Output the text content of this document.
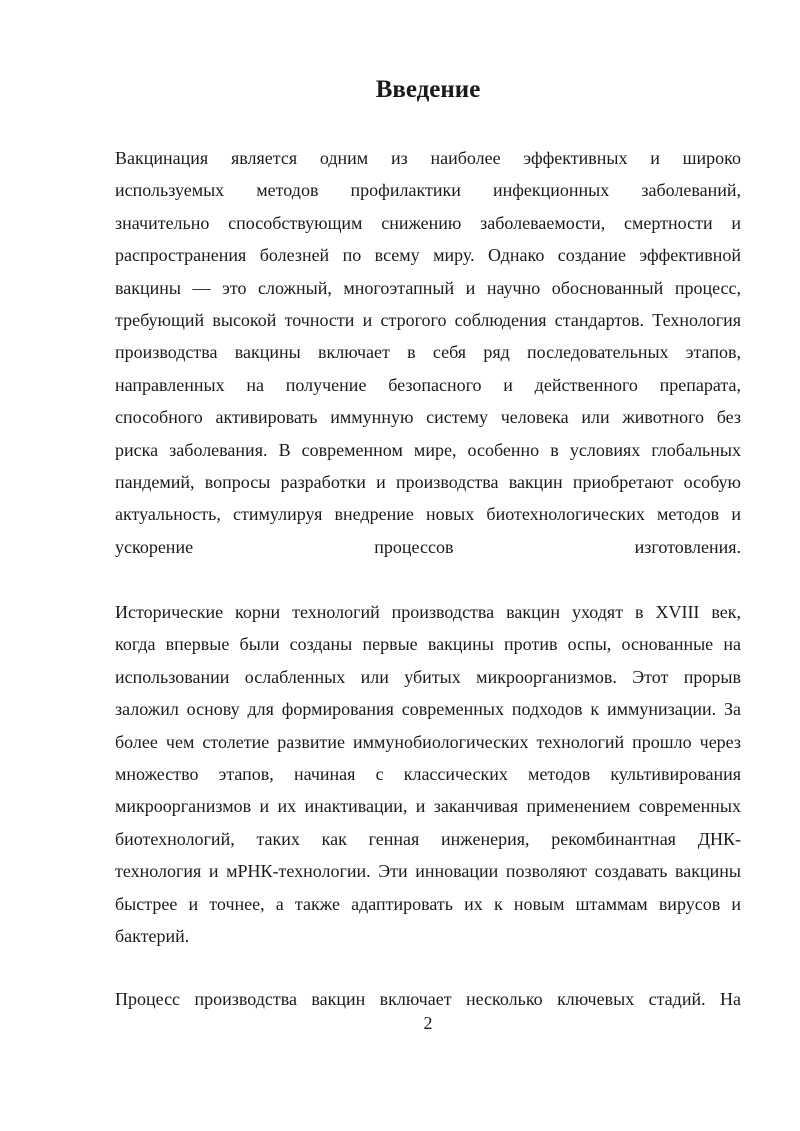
Введение
Вакцинация является одним из наиболее эффективных и широко
используемых методов профилактики инфекционных заболеваний,
значительно способствующим снижению заболеваемости, смертности и
распространения болезней по всему миру. Однако создание эффективной
вакцины — это сложный, многоэтапный и научно обоснованный процесс,
требующий высокой точности и строгого соблюдения стандартов. Технология
производства вакцины включает в себя ряд последовательных этапов,
направленных на получение безопасного и действенного препарата,
способного активировать иммунную систему человека или животного без
риска заболевания. В современном мире, особенно в условиях глобальных
пандемий, вопросы разработки и производства вакцин приобретают особую
актуальность, стимулируя внедрение новых биотехнологических методов и
ускорение процессов изготовления.
Исторические корни технологий производства вакцин уходят в XVIII век,
когда впервые были созданы первые вакцины против оспы, основанные на
использовании ослабленных или убитых микроорганизмов. Этот прорыв
заложил основу для формирования современных подходов к иммунизации. За
более чем столетие развитие иммунобиологических технологий прошло через
множество этапов, начиная с классических методов культивирования
микроорганизмов и их инактивации, и заканчивая применением современных
биотехнологий, таких как генная инженерия, рекомбинантная ДНК-
технология и мРНК-технологии. Эти инновации позволяют создавать вакцины
быстрее и точнее, а также адаптировать их к новым штаммам вирусов и
бактерий.
Процесс производства вакцин включает несколько ключевых стадий. На
2
